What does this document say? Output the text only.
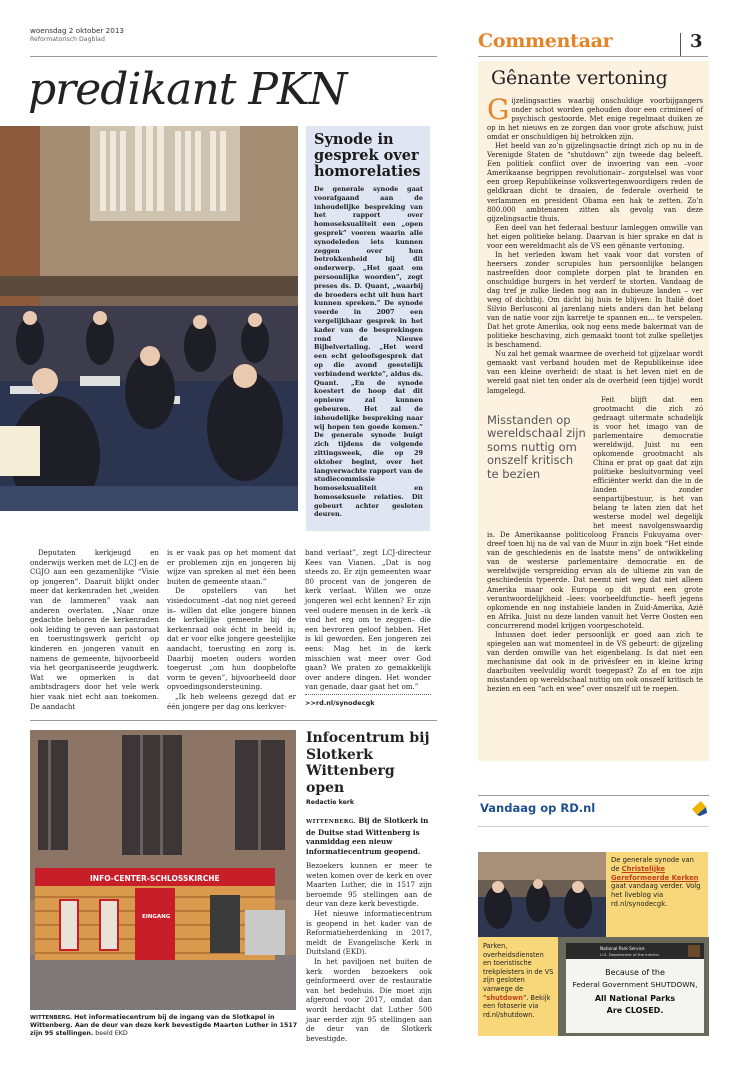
woensdag 2 oktober 2013
Reformatorisch Dagblad	Commentaar	3
predikant PKN
Synode in gesprek over homorelaties
De generale synode gaat voorafgaand aan de inhoudelijke bespreking van het rapport over homoseksualiteit een „open gesprek” voeren waarin alle synodeleden iets kunnen zeggen over hun betrokkenheid bij dit onderwerp. „Het gaat om persoonlijke woorden”, zegt preses ds. D. Quant, „waarbij de broeders echt uit hun hart kunnen spreken.” De synode voerde in 2007 een vergelijkbaar gesprek in het kader van de besprekingen rond de Nieuwe Bijbelvertaling. „Het werd een echt geloofsgesprek dat op die avond geestelijk verbindend werkte”, aldus ds. Quant. „En de synode koestert de hoop dat dit opnieuw zal kunnen gebeuren. Het zal de inhoudelijke bespreking naar wij hopen ten goede komen.” De generale synode buigt zich tijdens de volgende zittingsweek, die op 29 oktober begint, over het langverwachte rapport van de studiecommissie homoseksualiteit en homoseksuele relaties. Dit gebeurt achter gesloten deuren.
Deputaten kerkjeugd en onderwijs werken met de LCJ en de CGJO aan een gezamenlijke “Visie op jongeren”. Daaruit blijkt onder meer dat kerkenraden het „weiden van de lammeren” vaak aan anderen overlaten. „Naar onze gedachte behoren de kerkenraden ook leiding te geven aan pastoraat en toerustingswerk gericht op kinderen en jongeren vanuit en namens de gemeente, bijvoorbeeld via het georganiseerde jeugdwerk. Wat we opmerken is dat ambtsdragers door het vele werk hier vaak niet echt aan toekomen. De aandacht
is er vaak pas op het moment dat er problemen zijn en jongeren bij wijze van spreken al met één been buiten de gemeente staan.”
De opstellers van het visiedocument –dat nog niet gereed is– willen dat elke jongere binnen de kerkelijke gemeente bij de kerkenraad ook écht in beeld is; dat er voor elke jongere geestelijke aandacht, toerusting en zorg is. Daarbij moeten ouders worden toegerust „om hun doopbelofte vorm te geven”, bijvoorbeeld door opvoedingsondersteuning.
„Ik heb weleens gezegd dat er één jongere per dag ons kerkver-
band verlaat”, zegt LCJ-directeur Kees van Vianen. „Dat is nog steeds zo. Er zijn gemeenten waar 80 procent van de jongeren de kerk verlaat. Willen we onze jongeren wel echt kennen? Er zijn veel oudere mensen in de kerk –ik vind het erg om te zeggen– die een bevroren geloof hebben. Het is kil geworden. Een jongeren zei eens: Mag het in de kerk misschien wat meer over God gaan? We praten zo gemakkelijk over andere dingen. Het wonder van genade, daar gaat het om.”
>>rd.nl/synodecgk
INFO-CENTER-SCHLOSSKIRCHE
EINGANG
WITTENBERG. Het informatiecentrum bij de ingang van de Slotkapel in Wittenberg. Aan de deur van deze kerk bevestigde Maarten Luther in 1517 zijn 95 stellingen. beeld EKD
Infocentrum bij Slotkerk Wittenberg open
Redactie kerk
WITTENBERG. Bij de Slotkerk in de Duitse stad Wittenberg is vanmiddag een nieuw informatiecentrum geopend.
Bezoekers kunnen er meer te weten komen over de kerk en over Maarten Luther, die in 1517 zijn beroemde 95 stellingen aan de deur van deze kerk bevestigde.
Het nieuwe informatiecentrum is geopend in het kader van de Reformatieherdenking in 2017, meldt de Evangelische Kerk in Duitsland (EKD).
In het paviljoen net buiten de kerk worden bezoekers ook geïnformeerd over de restauratie van het bedehuis. Die moet zijn afgerond voor 2017, omdat dan wordt herdacht dat Luther 500 jaar eerder zijn 95 stellingen aan de deur van de Slotkerk bevestigde.
Gênante vertoning
G ijzelingsacties waarbij onschuldige voorbijgangers onder schot worden gehouden door een crimineel of psychisch gestoorde. Met enige regelmaat duiken ze op in het nieuws en ze zorgen dan voor grote afschuw, juist omdat er onschuldigen bij betrokken zijn.
Het beeld van zo’n gijzelingsactie dringt zich op nu in de Verenigde Staten de “shutdown” zijn tweede dag beleeft. Een politiek conflict over de invoering van een –voor Amerikaanse begrippen revolutionair– zorgstelsel was voor een groep Republikeinse volksvertegenwoordigers reden de geldkraan dicht te draaien, de federale overheid te verlammen en president Obama een hak te zetten. Zo’n 800.000 ambtenaren zitten als gevolg van deze gijzelingsactie thuis.
Een deel van het federaal bestuur lamleggen omwille van het eigen politieke belang. Daarvan is hier sprake en dat is voor een wereldmacht als de VS een gênante vertoning.
In het verleden kwam het vaak voor dat vorsten of heersers zonder scrupules hun persoonlijke belangen nastreefden door complete dorpen plat te branden en onschuldige burgers in het verderf te storten. Vandaag de dag tref je zulke lieden nog aan in dubieuze landen – ver weg of dichtbij. Om dicht bij huis te blijven: In Italië doet Silvio Berlusconi al jarenlang niets anders dan het belang van de natie voor zijn karretje te spannen en... te verspelen. Dat het grote Amerika, ook nog eens mede bakermat van de politieke beschaving, zich gemaakt toont tot zulke spelletjes is beschamend.
Nu zal het gemak waarmee de overheid tot gijzelaar wordt gemaakt vast verband houden met de Republikeinse idee van een kleine overheid: de staat is het leven niet en de wereld gaat niet ten onder als de overheid (een tijdje) wordt lamgelegd.
Misstanden op wereldschaal zijn soms nuttig om onszelf kritisch te bezien
Feit blijft dat een grootmacht die zich zó gedraagt uitermate schadelijk is voor het imago van de parlementaire democratie wereldwijd. Juist nu een opkomende grootmacht als China er prat op gaat dat zijn politieke besluitvorming veel efficiënter werkt dan die in de landen zonder eenpartijbestuur, is het van belang te laten zien dat het westerse model wel degelijk het meest navolgenswaardig is. De Amerikaanse politicoloog Francis Fukuyama over-dreef toen hij na de val van de Muur in zijn boek “Het einde van de geschiedenis en de laatste mens” de ontwikkeling van de westerse parlementaire democratie en de wereldwijde verspreiding ervan als de ultieme zin van de geschiedenis typeerde. Dat neemt niet weg dat niet alleen Amerika maar ook Europa op dit punt een grote verantwoordelijkheid –lees: voorbeeldfunctie– heeft jegens opkomende en nog instabiele landen in Zuid-Amerika, Azië en Afrika. Juist nu deze landen vanuit het Verre Oosten een concurrerend model krijgen voorgeschoteld.
Intussen doet ieder persoonlijk er goed aan zich te spiegelen aan wat momenteel in de VS gebeurt: de gijzeling van derden omwille van het eigenbelang. Is dat niet een mechanisme dat ook in de privésfeer en in kleine kring daarbuiten veelvuldig wordt toegepast? Zo af en toe zijn misstanden op wereldschaal nuttig om ook onszelf kritisch te bezien en een “ach en wee” over onszelf uit te roepen.
Vandaag op RD.nl
De generale synode van de Christelijke Gereformeerde Kerken gaat vandaag verder. Volg het liveblog via rd.nl/synodecgk.
Parken, overheidsdiensten en toeristische trekpleisters in de VS zijn gesloten vanwege de “shutdown”. Bekijk een fotoserie via rd.nl/shutdown.
National Park Service
U.S. Department of the Interior
Because of the
Federal Government SHUTDOWN,
All National Parks
Are CLOSED.
